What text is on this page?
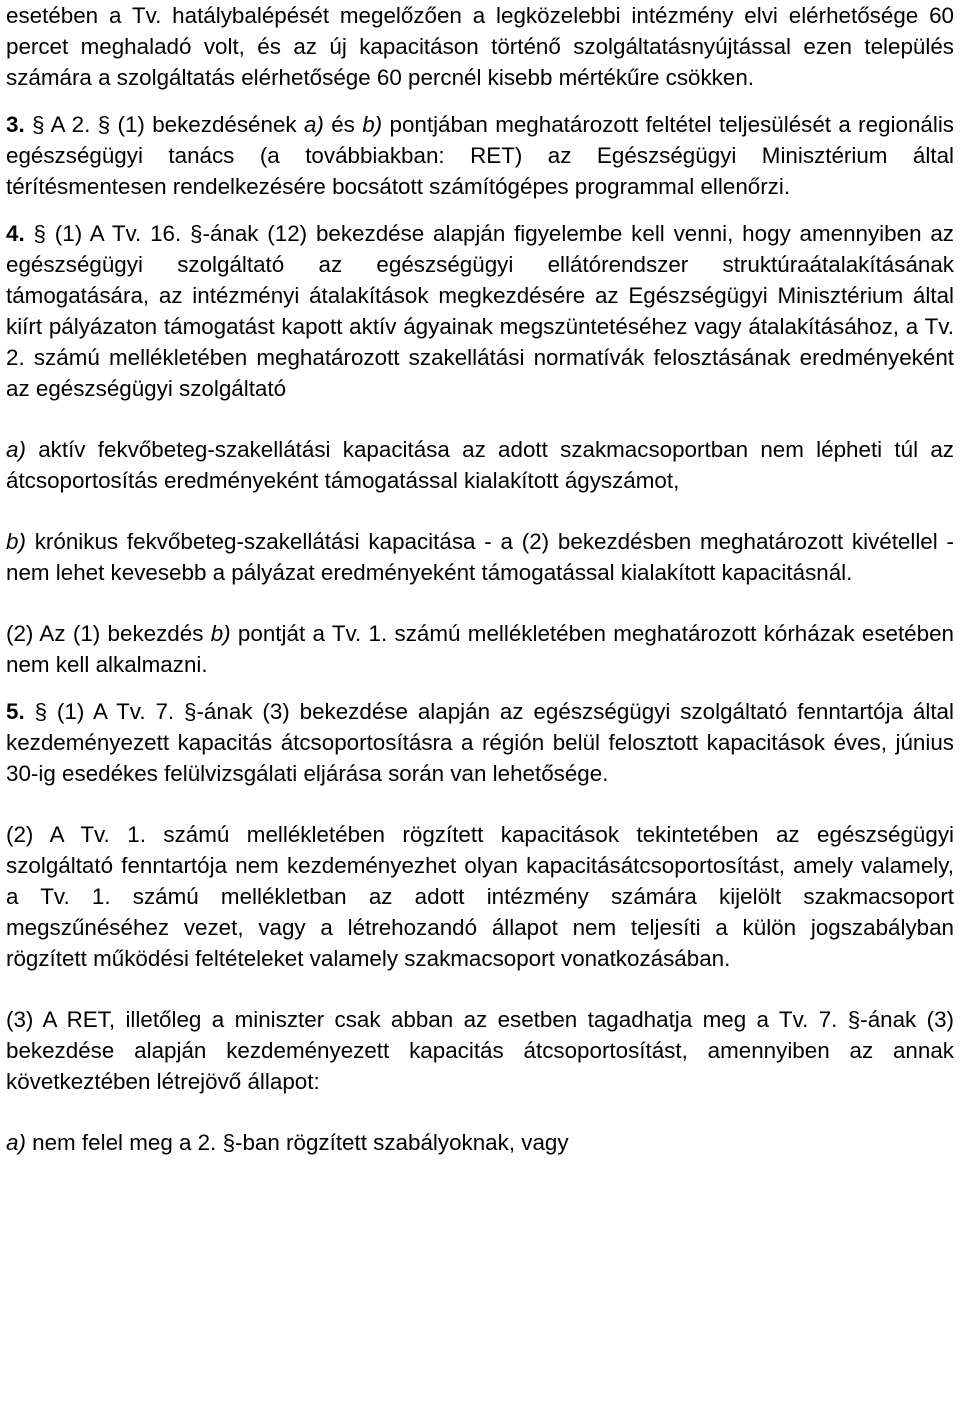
esetében a Tv. hatálybalépését megelőzően a legközelebbi intézmény elvi elérhetősége 60 percet meghaladó volt, és az új kapacitáson történő szolgáltatásnyújtással ezen település számára a szolgáltatás elérhetősége 60 percnél kisebb mértékűre csökken.

3. § A 2. § (1) bekezdésének a) és b) pontjában meghatározott feltétel teljesülését a regionális egészségügyi tanács (a továbbiakban: RET) az Egészségügyi Minisztérium által térítésmentesen rendelkezésére bocsátott számítógépes programmal ellenőrzi.

4. § (1) A Tv. 16. §-ának (12) bekezdése alapján figyelembe kell venni, hogy amennyiben az egészségügyi szolgáltató az egészségügyi ellátórendszer struktúraátalakításának támogatására, az intézményi átalakítások megkezdésére az Egészségügyi Minisztérium által kiírt pályázaton támogatást kapott aktív ágyainak megszüntetéséhez vagy átalakításához, a Tv. 2. számú mellékletében meghatározott szakellátási normatívák felosztásának eredményeként az egészségügyi szolgáltató

a) aktív fekvőbeteg-szakellátási kapacitása az adott szakmacsoportban nem lépheti túl az átcsoportosítás eredményeként támogatással kialakított ágyszámot,

b) krónikus fekvőbeteg-szakellátási kapacitása - a (2) bekezdésben meghatározott kivétellel - nem lehet kevesebb a pályázat eredményeként támogatással kialakított kapacitásnál.

(2) Az (1) bekezdés b) pontját a Tv. 1. számú mellékletében meghatározott kórházak esetében nem kell alkalmazni.

5. § (1) A Tv. 7. §-ának (3) bekezdése alapján az egészségügyi szolgáltató fenntartója által kezdeményezett kapacitás átcsoportosításra a régión belül felosztott kapacitások éves, június 30-ig esedékes felülvizsgálati eljárása során van lehetősége.

(2) A Tv. 1. számú mellékletében rögzített kapacitások tekintetében az egészségügyi szolgáltató fenntartója nem kezdeményezhet olyan kapacitásátcsoportosítást, amely valamely, a Tv. 1. számú mellékletban az adott intézmény számára kijelölt szakmacsoport megszűnéséhez vezet, vagy a létrehozandó állapot nem teljesíti a külön jogszabályban rögzített működési feltételeket valamely szakmacsoport vonatkozásában.

(3) A RET, illetőleg a miniszter csak abban az esetben tagadhatja meg a Tv. 7. §-ának (3) bekezdése alapján kezdeményezett kapacitás átcsoportosítást, amennyiben az annak következtében létrejövő állapot:

a) nem felel meg a 2. §-ban rögzített szabályoknak, vagy
